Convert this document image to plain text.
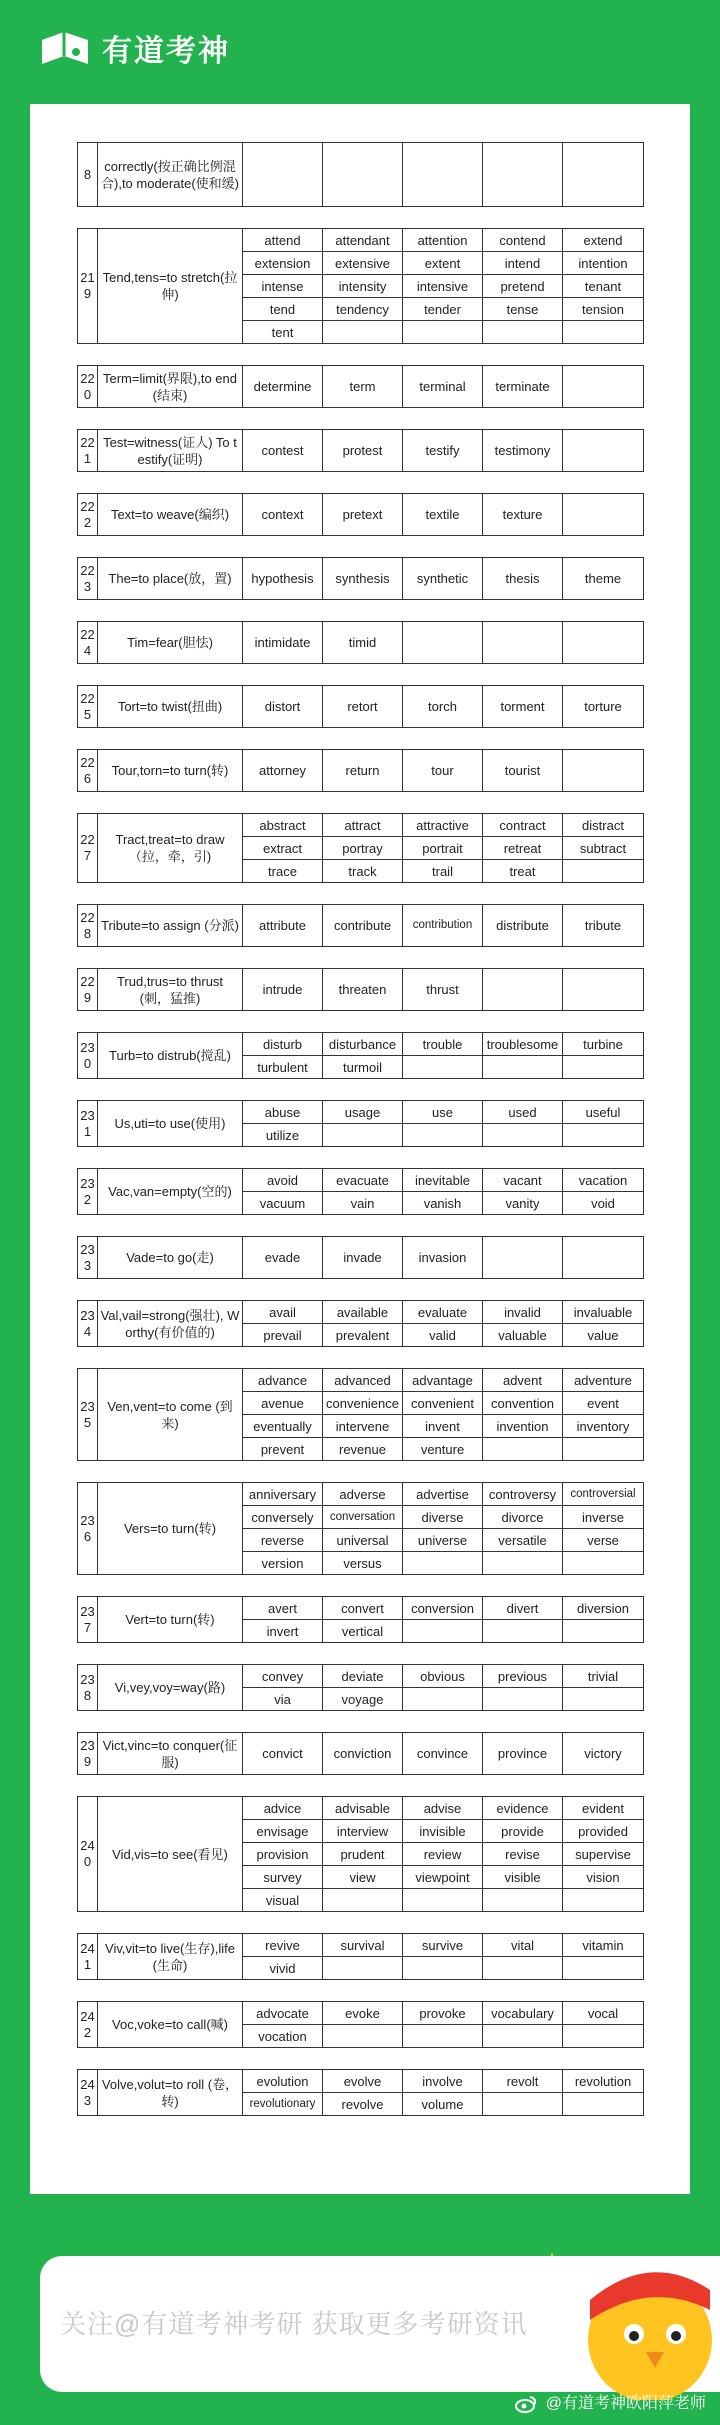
有道考神
8	correctly(按正确比例混合),to moderate(使和缓)					
219	Tend,tens=to stretch(拉伸)	attend	attendant	attention	contend	extend
		extension	extensive	extent	intend	intention
		intense	intensity	intensive	pretend	tenant
		tend	tendency	tender	tense	tension
		tent				
220	Term=limit(界限),to end(结束)	determine	term	terminal	terminate	
221	Test=witness(证人) To testify(证明)	contest	protest	testify	testimony	
222	Text=to weave(编织)	context	pretext	textile	texture	
223	The=to place(放，置)	hypothesis	synthesis	synthetic	thesis	theme
224	Tim=fear(胆怯)	intimidate	timid			
225	Tort=to twist(扭曲)	distort	retort	torch	torment	torture
226	Tour,torn=to turn(转)	attorney	return	tour	tourist	
227	Tract,treat=to draw（拉，牵，引)	abstract	attract	attractive	contract	distract
		extract	portray	portrait	retreat	subtract
		trace	track	trail	treat	
228	Tribute=to assign (分派)	attribute	contribute	contribution	distribute	tribute
229	Trud,trus=to thrust (刺，猛推)	intrude	threaten	thrust		
230	Turb=to distrub(搅乱)	disturb	disturbance	trouble	troublesome	turbine
		turbulent	turmoil			
231	Us,uti=to use(使用)	abuse	usage	use	used	useful
		utilize				
232	Vac,van=empty(空的)	avoid	evacuate	inevitable	vacant	vacation
		vacuum	vain	vanish	vanity	void
233	Vade=to go(走)	evade	invade	invasion		
234	Val,vail=strong(强壮), Worthy(有价值的)	avail	available	evaluate	invalid	invaluable
		prevail	prevalent	valid	valuable	value
235	Ven,vent=to come (到来)	advance	advanced	advantage	advent	adventure
		avenue	convenience	convenient	convention	event
		eventually	intervene	invent	invention	inventory
		prevent	revenue	venture		
236	Vers=to turn(转)	anniversary	adverse	advertise	controversy	controversial
		conversely	conversation	diverse	divorce	inverse
		reverse	universal	universe	versatile	verse
		version	versus			
237	Vert=to turn(转)	avert	convert	conversion	divert	diversion
		invert	vertical			
238	Vi,vey,voy=way(路)	convey	deviate	obvious	previous	trivial
		via	voyage			
239	Vict,vinc=to conquer(征服)	convict	conviction	convince	province	victory
240	Vid,vis=to see(看见)	advice	advisable	advise	evidence	evident
		envisage	interview	invisible	provide	provided
		provision	prudent	review	revise	supervise
		survey	view	viewpoint	visible	vision
		visual				
241	Viv,vit=to live(生存),life(生命)	revive	survival	survive	vital	vitamin
		vivid				
242	Voc,voke=to call(喊)	advocate	evoke	provoke	vocabulary	vocal
		vocation				
243	Volve,volut=to roll (卷，转)	evolution	evolve	involve	revolt	revolution
		revolutionary	revolve	volume		
关注@有道考神考研 获取更多考研资讯
@有道考神欧阳萍老师
